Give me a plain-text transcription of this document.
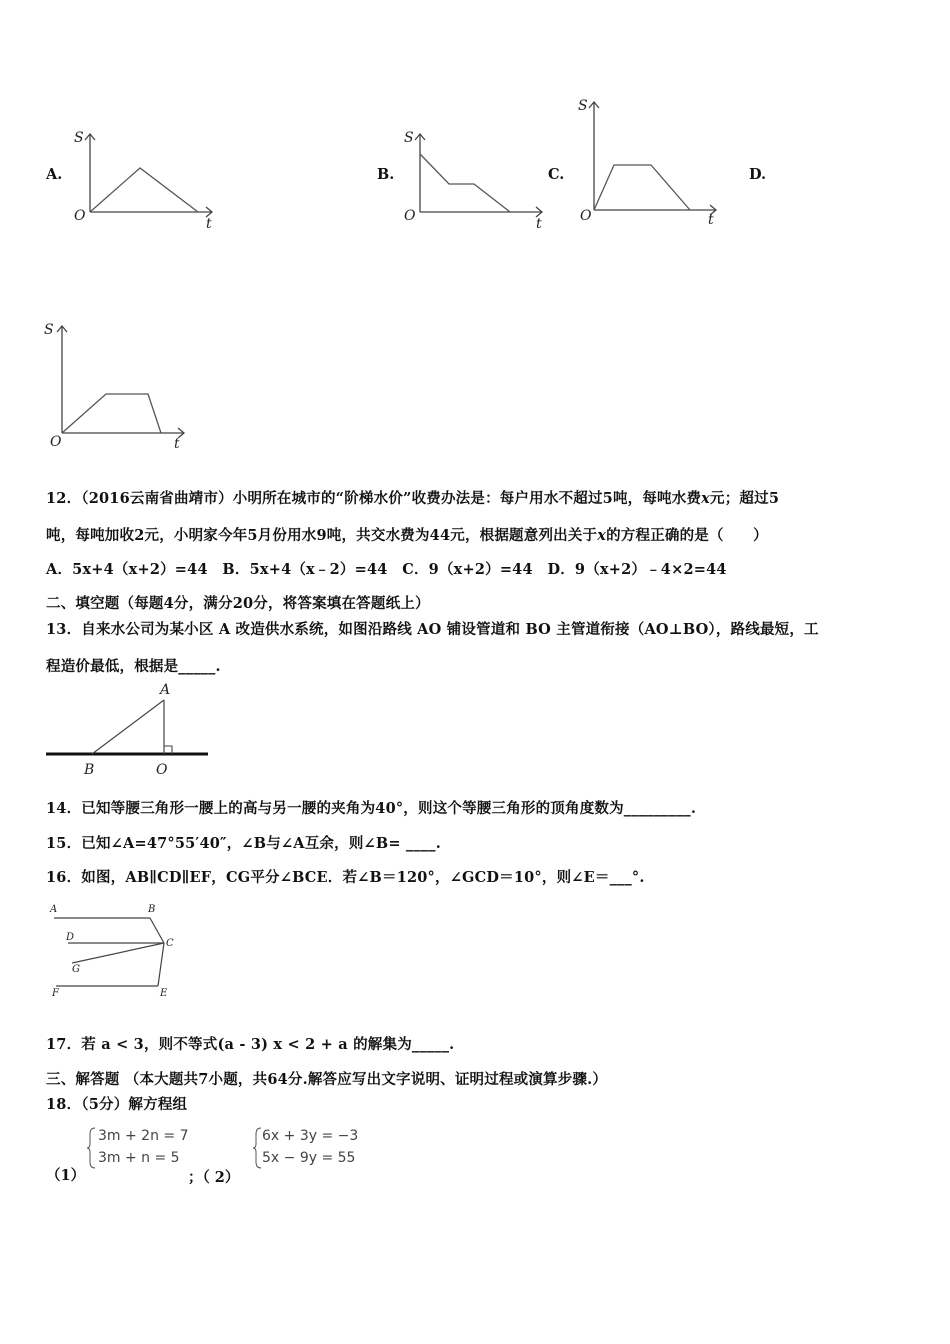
A.	B.	C.	D.
S
O	t
S
O	t
S
O	t
S
O	t
12．（2016云南省曲靖市）小明所在城市的“阶梯水价”收费办法是：每户用水不超过5吨，每吨水费x元；超过5
吨，每吨加收2元，小明家今年5月份用水9吨，共交水费为44元，根据题意列出关于x的方程正确的是（　　）
A．5x+4（x+2）=44　B．5x+4（x﹣2）=44　C．9（x+2）=44　D．9（x+2）﹣4×2=44
二、填空题（每题4分，满分20分，将答案填在答题纸上）
13．自来水公司为某小区 A 改造供水系统，如图沿路线 AO 铺设管道和 BO 主管道衔接（AO⊥BO），路线最短，工
程造价最低，根据是_____.
A
B	O
14．已知等腰三角形一腰上的高与另一腰的夹角为40°，则这个等腰三角形的顶角度数为_________.
15．已知∠A=47°55′40″，∠B与∠A互余，则∠B= ____.
16．如图，AB∥CD∥EF，CG平分∠BCE．若∠B＝120°，∠GCD＝10°，则∠E＝___°.
A	B
C
D
G
F	E
17．若 a < 3，则不等式(a - 3) x < 2 + a 的解集为_____.
三、解答题 （本大题共7小题，共64分.解答应写出文字说明、证明过程或演算步骤.）
18．（5分）解方程组
（1）	；（ 2）
3m + 2n = 7
3m + n = 5
6x + 3y = −3
5x − 9y = 55
